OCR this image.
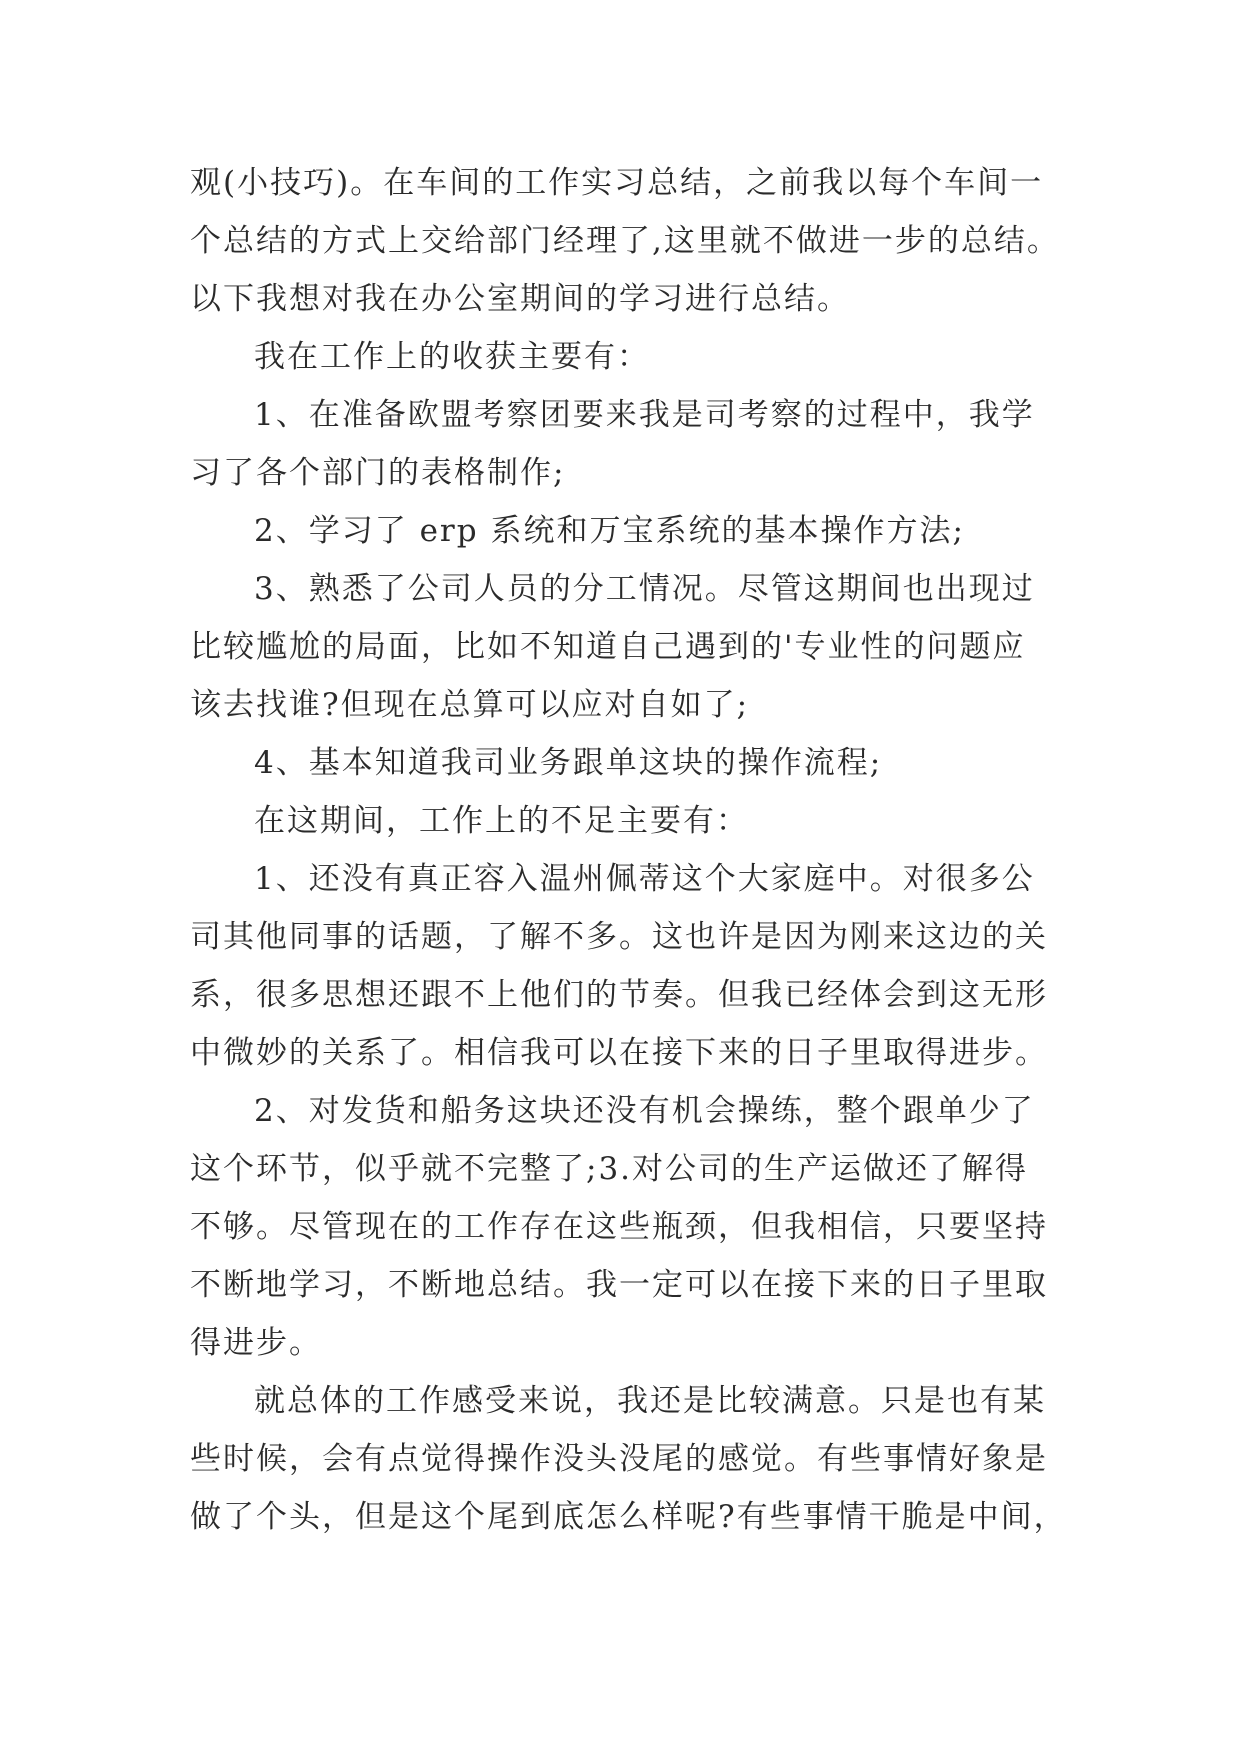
观(小技巧)。在车间的工作实习总结，之前我以每个车间一
个总结的方式上交给部门经理了,这里就不做进一步的总结。
以下我想对我在办公室期间的学习进行总结。
我在工作上的收获主要有：
1、在准备欧盟考察团要来我是司考察的过程中，我学
习了各个部门的表格制作;
2、学习了 erp 系统和万宝系统的基本操作方法;
3、熟悉了公司人员的分工情况。尽管这期间也出现过
比较尴尬的局面，比如不知道自己遇到的'专业性的问题应
该去找谁?但现在总算可以应对自如了;
4、基本知道我司业务跟单这块的操作流程;
在这期间，工作上的不足主要有：
1、还没有真正容入温州佩蒂这个大家庭中。对很多公
司其他同事的话题，了解不多。这也许是因为刚来这边的关
系，很多思想还跟不上他们的节奏。但我已经体会到这无形
中微妙的关系了。相信我可以在接下来的日子里取得进步。
2、对发货和船务这块还没有机会操练，整个跟单少了
这个环节，似乎就不完整了;3.对公司的生产运做还了解得
不够。尽管现在的工作存在这些瓶颈，但我相信，只要坚持
不断地学习，不断地总结。我一定可以在接下来的日子里取
得进步。
就总体的工作感受来说，我还是比较满意。只是也有某
些时候，会有点觉得操作没头没尾的感觉。有些事情好象是
做了个头，但是这个尾到底怎么样呢?有些事情干脆是中间，
